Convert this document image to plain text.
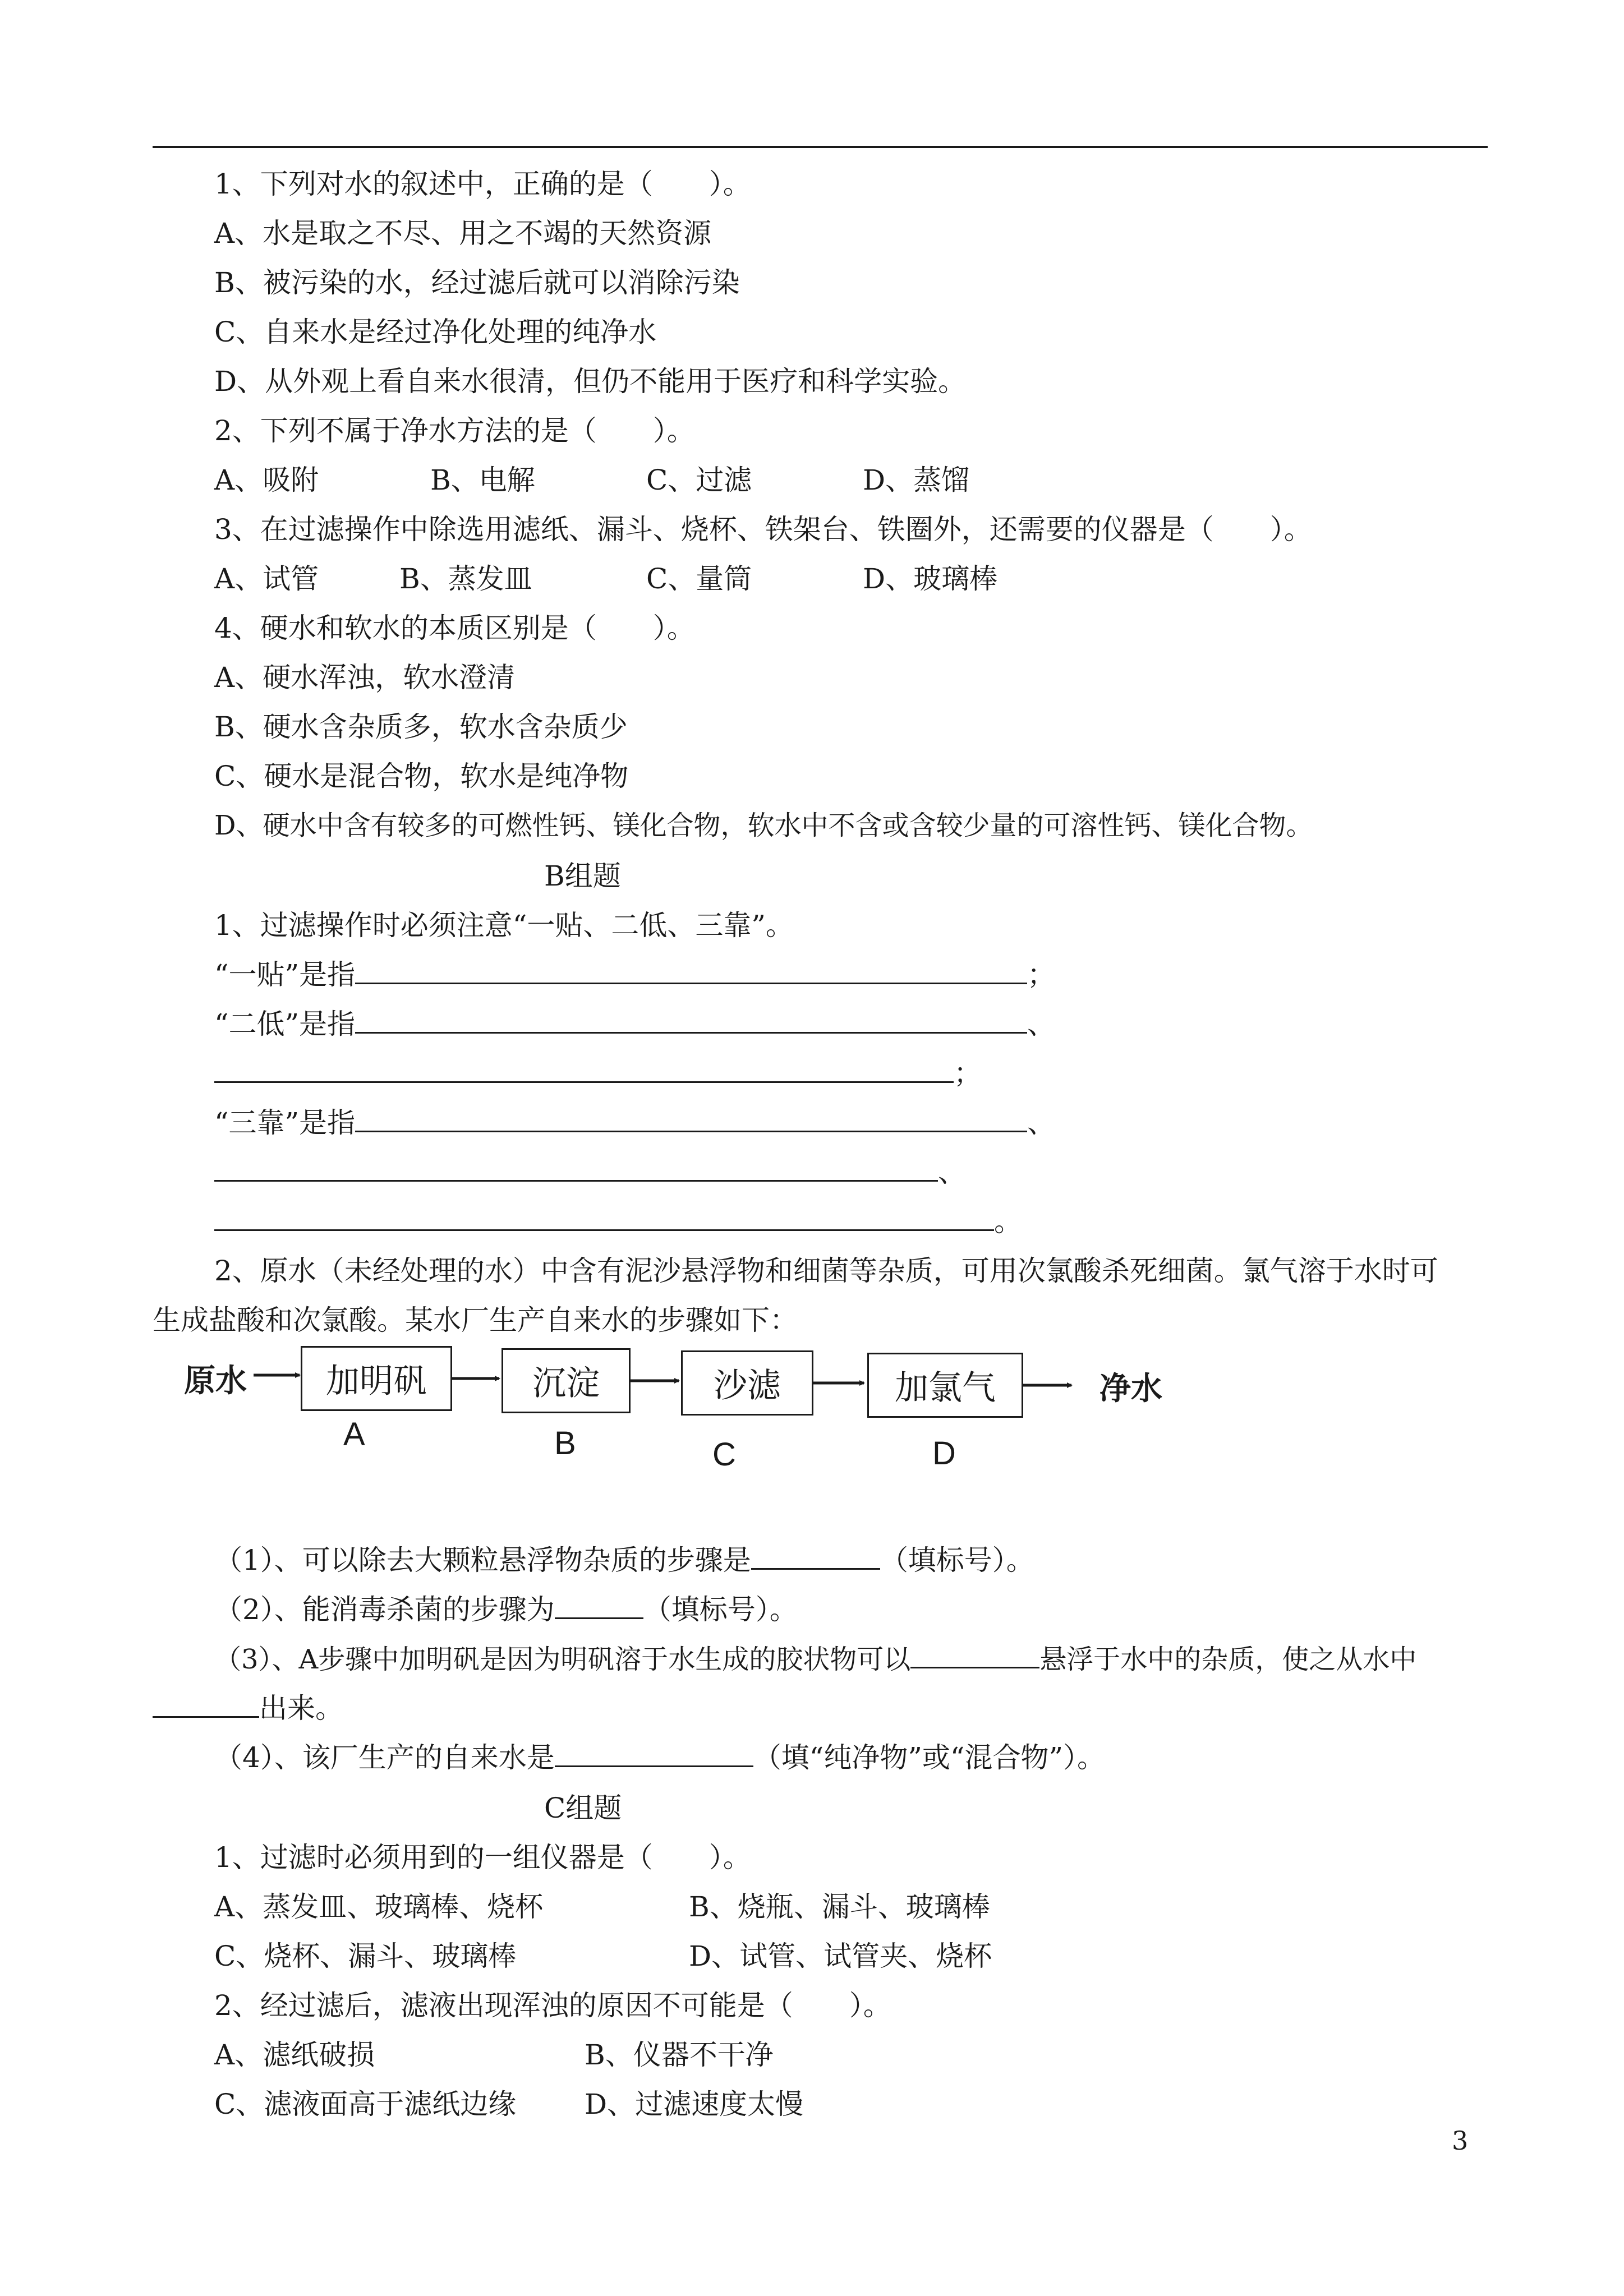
1、下列对水的叙述中，正确的是（　　）。
A、水是取之不尽、用之不竭的天然资源
B、被污染的水，经过滤后就可以消除污染
C、自来水是经过净化处理的纯净水
D、从外观上看自来水很清，但仍不能用于医疗和科学实验。
2、下列不属于净水方法的是（　　）。
A、吸附	B、电解	C、过滤	D、蒸馏
3、在过滤操作中除选用滤纸、漏斗、烧杯、铁架台、铁圈外，还需要的仪器是（　　）。
A、试管	B、蒸发皿	C、量筒	D、玻璃棒
4、硬水和软水的本质区别是（　　）。
A、硬水浑浊，软水澄清
B、硬水含杂质多，软水含杂质少
C、硬水是混合物，软水是纯净物
D、硬水中含有较多的可燃性钙、镁化合物，软水中不含或含较少量的可溶性钙、镁化合物。
B组题
1、过滤操作时必须注意“一贴、二低、三靠”。
“一贴”是指	；
“二低”是指	、
；
“三靠”是指	、
、
。
2、原水（未经处理的水）中含有泥沙悬浮物和细菌等杂质，可用次氯酸杀死细菌。氯气溶于水时可
生成盐酸和次氯酸。某水厂生产自来水的步骤如下：
原水	加明矾	沉淀	沙滤	加氯气	净水
A	B	C	D
（1）、可以除去大颗粒悬浮物杂质的步骤是	（填标号）。
（2）、能消毒杀菌的步骤为	（填标号）。
（3）、A步骤中加明矾是因为明矾溶于水生成的胶状物可以	悬浮于水中的杂质，使之从水中
出来。
（4）、该厂生产的自来水是	（填“纯净物”或“混合物”）。
C组题
1、过滤时必须用到的一组仪器是（　　）。
A、蒸发皿、玻璃棒、烧杯	B、烧瓶、漏斗、玻璃棒
C、烧杯、漏斗、玻璃棒	D、试管、试管夹、烧杯
2、经过滤后，滤液出现浑浊的原因不可能是（　　）。
A、滤纸破损	B、仪器不干净
C、滤液面高于滤纸边缘 D、过滤速度太慢
3
